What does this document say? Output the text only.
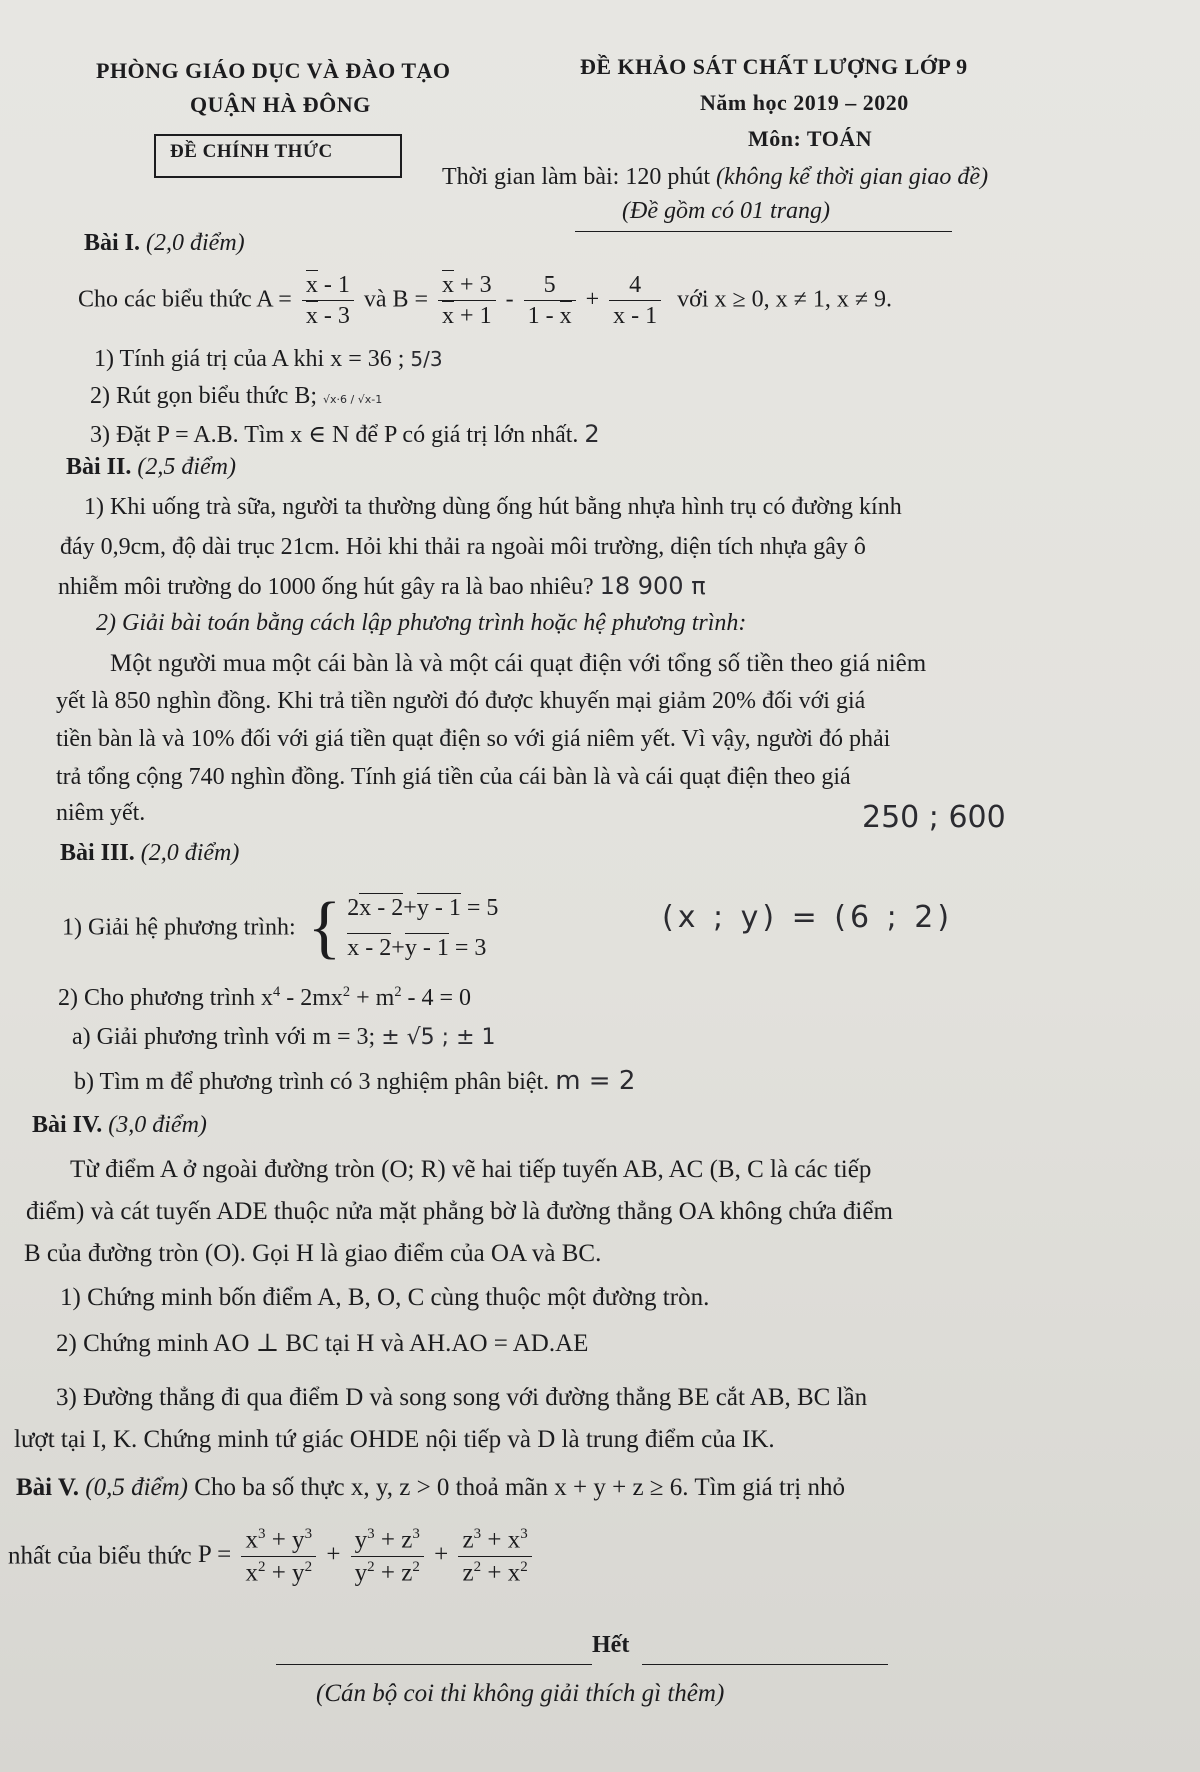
PHÒNG GIÁO DỤC VÀ ĐÀO TẠO
QUẬN HÀ ĐÔNG
ĐỀ CHÍNH THỨC
ĐỀ KHẢO SÁT CHẤT LƯỢNG LỚP 9
Năm học 2019 – 2020
Môn: TOÁN
Thời gian làm bài: 120 phút (không kể thời gian giao đề)
(Đề gồm có 01 trang)
Bài I. (2,0 điểm)
Cho các biểu thức $A = \frac{x - 1}{x - 3}$ và $B = \frac{x + 3}{x + 1} - \frac{5}{1 - x} + \frac{4}{x - 1}$ với x ≥ 0, x ≠ 1, x ≠ 9.
1) Tính giá trị của A khi x = 36 ; 5/3
2) Rút gọn biểu thức B; √x·6 / √x-1
3) Đặt P = A.B. Tìm x ∈ N để P có giá trị lớn nhất. 2
Bài II. (2,5 điểm)
1) Khi uống trà sữa, người ta thường dùng ống hút bằng nhựa hình trụ có đường kính
đáy 0,9cm, độ dài trục 21cm. Hỏi khi thải ra ngoài môi trường, diện tích nhựa gây ô
nhiễm môi trường do 1000 ống hút gây ra là bao nhiêu? 18 900 π
2) Giải bài toán bằng cách lập phương trình hoặc hệ phương trình:
Một người mua một cái bàn là và một cái quạt điện với tổng số tiền theo giá niêm
yết là 850 nghìn đồng. Khi trả tiền người đó được khuyến mại giảm 20% đối với giá
tiền bàn là và 10% đối với giá tiền quạt điện so với giá niêm yết. Vì vậy, người đó phải
trả tổng cộng 740 nghìn đồng. Tính giá tiền của cái bàn là và cái quạt điện theo giá
niêm yết.	250 ; 600
Bài III. (2,0 điểm)
1) Giải hệ phương trình: { 2x - 2+y - 1 = 5
x - 2+y - 1 = 3
(x ; y) = (6 ; 2)
2) Cho phương trình $x^4 - 2mx^2 + m^2 - 4 = 0$
a) Giải phương trình với m = 3; ± √5 ; ± 1
b) Tìm m để phương trình có 3 nghiệm phân biệt. m = 2
Bài IV. (3,0 điểm)
Từ điểm A ở ngoài đường tròn (O; R) vẽ hai tiếp tuyến AB, AC (B, C là các tiếp
điểm) và cát tuyến ADE thuộc nửa mặt phẳng bờ là đường thẳng OA không chứa điểm
B của đường tròn (O). Gọi H là giao điểm của OA và BC.
1) Chứng minh bốn điểm A, B, O, C cùng thuộc một đường tròn.
2) Chứng minh AO ⊥ BC tại H và AH.AO = AD.AE
3) Đường thẳng đi qua điểm D và song song với đường thẳng BE cắt AB, BC lần
lượt tại I, K. Chứng minh tứ giác OHDE nội tiếp và D là trung điểm của IK.
Bài V. (0,5 điểm) Cho ba số thực x, y, z > 0 thoả mãn x + y + z ≥ 6. Tìm giá trị nhỏ
nhất của biểu thức $P = \frac{x^3 + y^3}{x^2 + y^2} + \frac{y^3 + z^3}{y^2 + z^2} + \frac{z^3 + x^3}{z^2 + x^2}$
Hết
(Cán bộ coi thi không giải thích gì thêm)
